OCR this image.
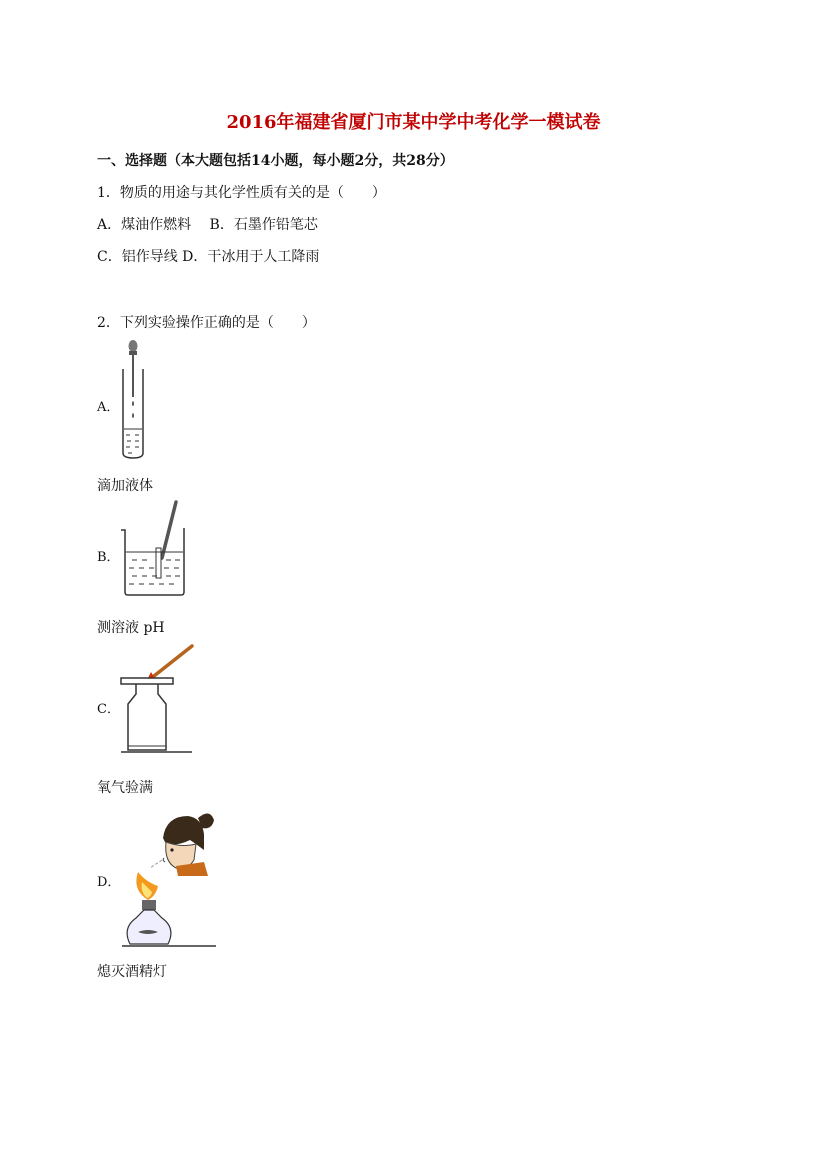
2016年福建省厦门市某中学中考化学一模试卷
一、选择题（本大题包括14小题，每小题2分，共28分）
1．物质的用途与其化学性质有关的是（　　）
A．煤油作燃料　 B．石墨作铅笔芯
C．铝作导线 D．干冰用于人工降雨
2．下列实验操作正确的是（　　）
A．
滴加液体
B．
测溶液 pH
C．
氧气验满
D．
熄灭酒精灯
